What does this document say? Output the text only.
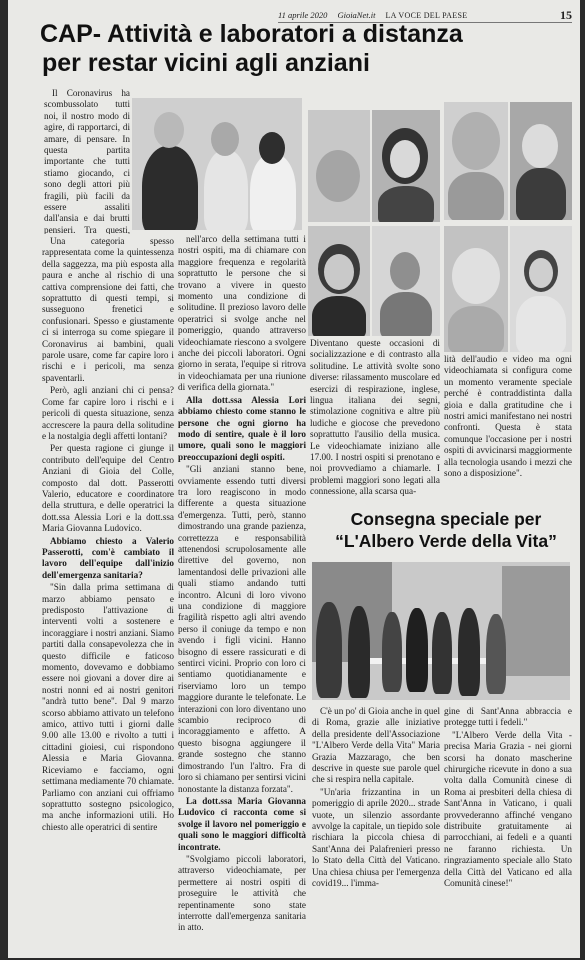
11 aprile 2020 GioiaNet.it LA VOCE DEL PAESE	15
CAP- Attività e laboratori a distanza
per restar vicini agli anziani

Il Coronavirus ha scombussolato tutti noi, il nostro modo di agire, di rapportarci, di amare, di pensare. In questa partita importante che tutti stiamo giocando, ci sono degli attori più fragili, più facili da essere assaliti dall'ansia e dai brutti pensieri. Tra questi,

Una categoria spesso rappresentata come la quintessenza della saggezza, ma più esposta alla paura e anche al rischio di una cattiva comprensione dei fatti, che soprattutto di questi tempi, si susseguono frenetici e confusionari. Spesso e giustamente ci si interroga su come spiegare il Coronavirus ai bambini, quali parole usare, come far capire loro i rischi e i pericoli, ma senza spaventarli.

Però, agli anziani chi ci pensa? Come far capire loro i rischi e i pericoli di questa situazione, senza accrescere la paura della solitudine e la nostalgia degli affetti lontani?

Per questa ragione ci giunge il contributo dell'equipe del Centro Anziani di Gioia del Colle, composto dal dott. Passerotti Valerio, educatore e coordinatore della struttura, e delle operatrici la dott.ssa Alessia Lori e la dott.ssa Maria Giovanna Ludovico.

Abbiamo chiesto a Valerio Passerotti, com'è cambiato il lavoro dell'equipe dall'inizio dell'emergenza sanitaria?

"Sin dalla prima settimana di marzo abbiamo pensato e predisposto l'attivazione di interventi volti a sostenere e incoraggiare i nostri anziani. Siamo partiti dalla consapevolezza che in questo difficile e faticoso momento, dovevamo e dobbiamo essere noi giovani a dover dire ai nostri nonni ed ai nostri genitori "andrà tutto bene". Dal 9 marzo scorso abbiamo attivato un telefono amico, attivo tutti i giorni dalle 9.00 alle 13.00 e rivolto a tutti i cittadini gioiesi, cui rispondono Alessia e Maria Giovanna. Riceviamo e facciamo, ogni settimana mediamente 70 chiamate. Parliamo con anziani cui offriamo soprattutto sostegno psicologico, ma anche informazioni utili. Ho chiesto alle operatrici di sentire

nell'arco della settimana tutti i nostri ospiti, ma di chiamare con maggiore frequenza e regolarità soprattutto le persone che si trovano a vivere in questo momento una condizione di solitudine. Il prezioso lavoro delle operatrici si svolge anche nel pomeriggio, quando attraverso videochiamate riescono a svolgere anche dei piccoli laboratori. Ogni giorno in serata, l'equipe si ritrova in videochiamata per una riunione di verifica della giornata."

Alla dott.ssa Alessia Lori abbiamo chiesto come stanno le persone che ogni giorno ha modo di sentire, quale è il loro umore, quali sono le maggiori preoccupazioni degli ospiti.

"Gli anziani stanno bene, ovviamente essendo tutti diversi tra loro reagiscono in modo differente a questa situazione d'emergenza. Tutti, però, stanno dimostrando una grande pazienza, correttezza e responsabilità attenendosi scrupolosamente alle direttive del governo, non lamentandosi delle privazioni alle quali stiamo andando tutti incontro. Alcuni di loro vivono una condizione di maggiore fragilità rispetto agli altri avendo perso il coniuge da tempo e non avendo i figli vicini. Hanno bisogno di essere rassicurati e di sentirci vicini. Proprio con loro ci sentiamo quotidianamente e riserviamo loro un tempo maggiore durante le telefonate. Le interazioni con loro diventano uno scambio reciproco di incoraggiamento e affetto. A questo bisogna aggiungere il grande sostegno che stanno dimostrando l'un l'altro. Fra di loro si chiamano per sentirsi vicini nonostante la distanza forzata".

La dott.ssa Maria Giovanna Ludovico ci racconta come si svolge il lavoro nel pomeriggio e quali sono le maggiori difficoltà incontrate.

"Svolgiamo piccoli laboratori, attraverso videochiamate, per permettere ai nostri ospiti di proseguire le attività che repentinamente sono state interrotte dall'emergenza sanitaria in atto.

Diventano queste occasioni di socializzazione e di contrasto alla solitudine. Le attività svolte sono diverse: rilassamento muscolare ed esercizi di respirazione, inglese, lingua italiana dei segni, stimolazione cognitiva e altre più ludiche e giocose che prevedono soprattutto l'ausilio della musica. Le videochiamate iniziano alle 17.00. I nostri ospiti si prenotano e noi provvediamo a chiamarle. I problemi maggiori sono legati alla connessione, alla scarsa qua-

lità dell'audio e video ma ogni videochiamata si configura come un momento veramente speciale perché è contraddistinta dalla gioia e dalla gratitudine che i nostri amici manifestano nei nostri confronti. Questa è stata comunque l'occasione per i nostri ospiti di avvicinarsi maggiormente alla tecnologia usando i mezzi che sono a disposizione".

Consegna speciale per
“L'Albero Verde della Vita”

C'è un po' di Gioia anche in quel di Roma, grazie alle iniziative della presidente dell'Associazione "L'Albero Verde della Vita" Maria Grazia Mazzarago, che ben descrive in queste sue parole quel che si respira nella capitale.

"Un'aria frizzantina in un pomeriggio di aprile 2020... strade vuote, un silenzio assordante avvolge la capitale, un tiepido sole rischiara la piccola chiesa di Sant'Anna dei Palafrenieri presso lo Stato della Città del Vaticano. Una chiesa chiusa per l'emergenza covid19... l'imma-

gine di Sant'Anna abbraccia e protegge tutti i fedeli."

"L'Albero Verde della Vita - precisa Maria Grazia - nei giorni scorsi ha donato mascherine chirurgiche ricevute in dono a sua volta dalla Comunità cinese di Roma ai presbiteri della chiesa di Sant'Anna in Vaticano, i quali provvederanno affinché vengano distribuite gratuitamente ai parrocchiani, ai fedeli e a quanti ne faranno richiesta. Un ringraziamento speciale allo Stato della Città del Vaticano ed alla Comunità cinese!"
